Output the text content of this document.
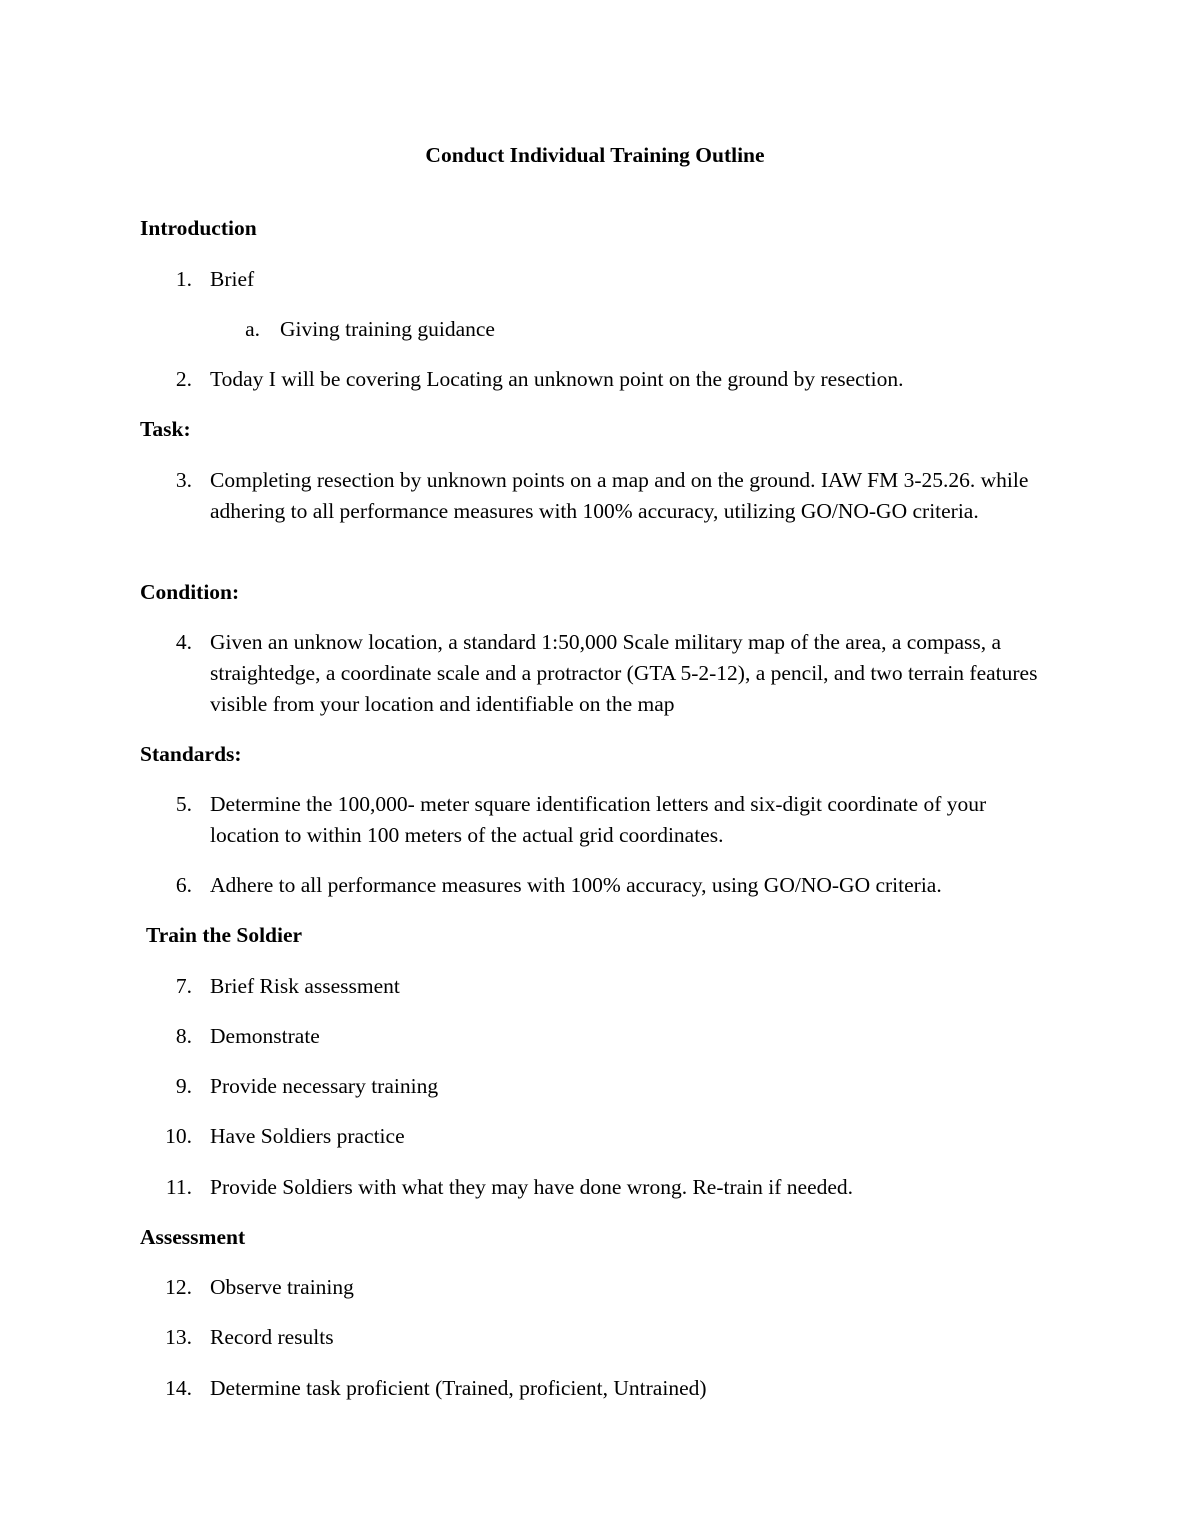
Conduct Individual Training Outline
Introduction
1. Brief
a. Giving training guidance
2. Today I will be covering Locating an unknown point on the ground by resection.
Task:
3. Completing resection by unknown points on a map and on the ground. IAW FM 3-25.26. while adhering to all performance measures with 100% accuracy, utilizing GO/NO-GO criteria.
Condition:
4. Given an unknow location, a standard 1:50,000 Scale military map of the area, a compass, a straightedge, a coordinate scale and a protractor (GTA 5-2-12), a pencil, and two terrain features visible from your location and identifiable on the map
Standards:
5. Determine the 100,000- meter square identification letters and six-digit coordinate of your location to within 100 meters of the actual grid coordinates.
6. Adhere to all performance measures with 100% accuracy, using GO/NO-GO criteria.
Train the Soldier
7. Brief Risk assessment
8. Demonstrate
9. Provide necessary training
10. Have Soldiers practice
11. Provide Soldiers with what they may have done wrong. Re-train if needed.
Assessment
12. Observe training
13. Record results
14. Determine task proficient (Trained, proficient, Untrained)
